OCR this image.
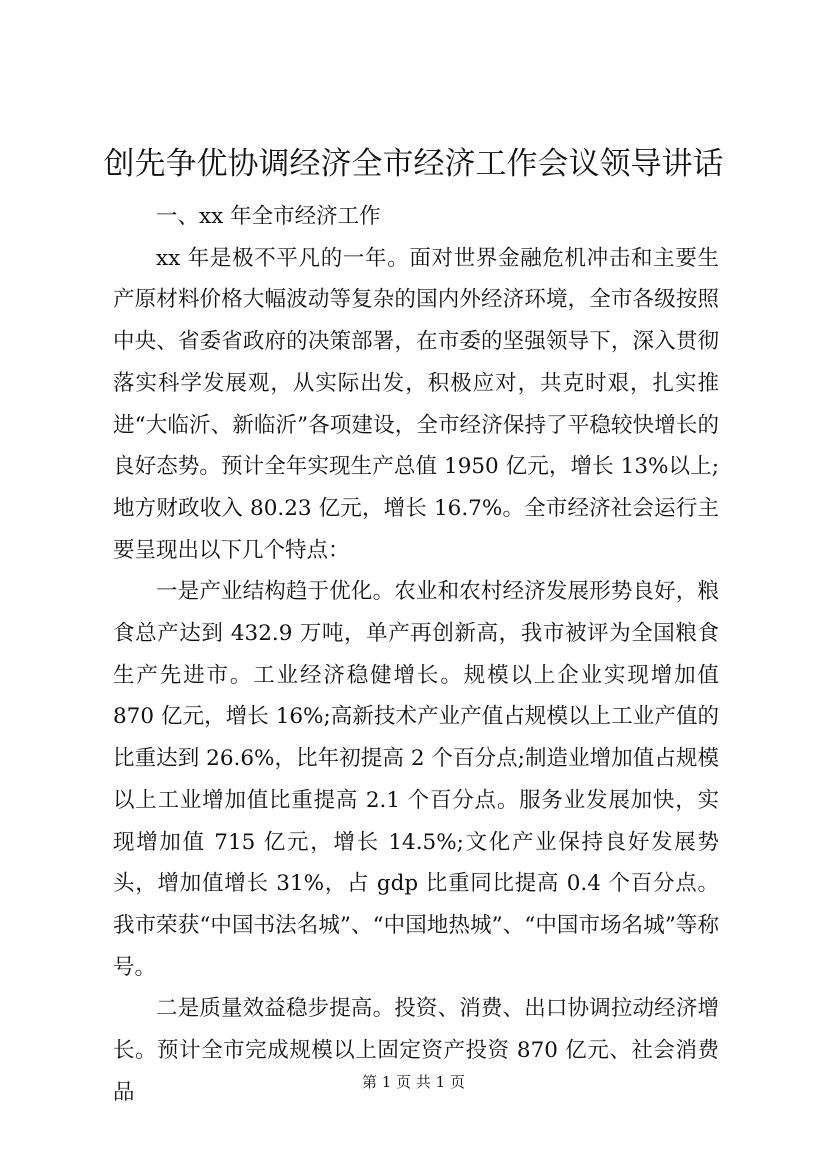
创先争优协调经济全市经济工作会议领导讲话

一、xx 年全市经济工作

xx 年是极不平凡的一年。面对世界金融危机冲击和主要生产原材料价格大幅波动等复杂的国内外经济环境，全市各级按照中央、省委省政府的决策部署，在市委的坚强领导下，深入贯彻落实科学发展观，从实际出发，积极应对，共克时艰，扎实推进“大临沂、新临沂”各项建设，全市经济保持了平稳较快增长的良好态势。预计全年实现生产总值 1950 亿元，增长 13%以上;地方财政收入 80.23 亿元，增长 16.7%。全市经济社会运行主要呈现出以下几个特点：

一是产业结构趋于优化。农业和农村经济发展形势良好，粮食总产达到 432.9 万吨，单产再创新高，我市被评为全国粮食生产先进市。工业经济稳健增长。规模以上企业实现增加值 870 亿元，增长 16%;高新技术产业产值占规模以上工业产值的比重达到 26.6%，比年初提高 2 个百分点;制造业增加值占规模以上工业增加值比重提高 2.1 个百分点。服务业发展加快，实现增加值 715 亿元，增长 14.5%;文化产业保持良好发展势头，增加值增长 31%，占 gdp 比重同比提高 0.4 个百分点。我市荣获“中国书法名城”、“中国地热城”、“中国市场名城”等称号。

二是质量效益稳步提高。投资、消费、出口协调拉动经济增长。预计全市完成规模以上固定资产投资 870 亿元、社会消费品	第 1 页 共 1 页
